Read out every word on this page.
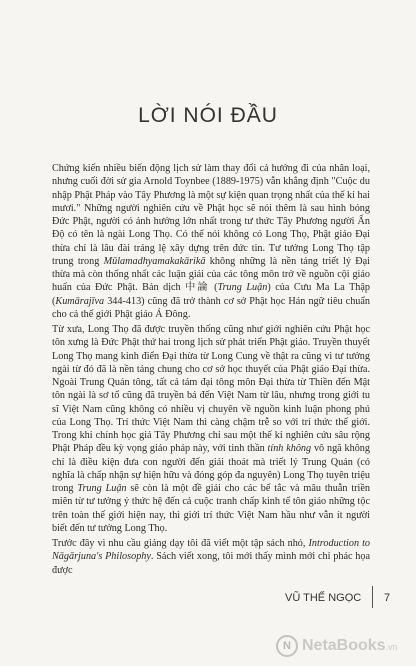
LỜI NÓI ĐẦU

Chứng kiến nhiều biến động lịch sử làm thay đổi cả hướng đi của nhân loại, nhưng cuối đời sử gia Arnold Toynbee (1889-1975) vẫn khẳng định "Cuộc du nhập Phật Pháp vào Tây Phương là một sự kiện quan trọng nhất của thế kỉ hai mươi." Những người nghiên cứu về Phật học sẽ nói thêm là sau hình bóng Đức Phật, người có ảnh hưởng lớn nhất trong tư thức Tây Phương người Ấn Độ có tên là ngài Long Thọ. Có thể nói không có Long Thọ, Phật giáo Đại thừa chỉ là lâu đài tráng lệ xây dựng trên đức tin. Tư tưởng Long Thọ tập trung trong Mūlamadhyamakakārikā không những là nền tảng triết lý Đại thừa mà còn thống nhất các luận giải của các tông môn trở về nguồn cội giáo huấn của Đức Phật. Bản dịch 中論 (Trung Luận) của Cưu Ma La Thập (Kumārajīva 344-413) cũng đã trở thành cơ sở Phật học Hán ngữ tiêu chuẩn cho cả thế giới Phật giáo Á Đông.

Từ xưa, Long Thọ đã được truyền thống cũng như giới nghiên cứu Phật học tôn xưng là Đức Phật thứ hai trong lịch sử phát triển Phật giáo. Truyền thuyết Long Thọ mang kinh điển Đại thừa từ Long Cung về thật ra cũng vì tư tưởng ngài từ đó đã là nền tảng chung cho cơ sở học thuyết của Phật giáo Đại thừa. Ngoài Trung Quán tông, tất cả tám đại tông môn Đại thừa từ Thiền đến Mật tôn ngài là sơ tổ cũng đã truyền bá đến Việt Nam từ lâu, nhưng trong giới tu sĩ Việt Nam cũng không có nhiều vị chuyên về nguồn kinh luận phong phú của Long Thọ. Trí thức Việt Nam thì càng chậm trễ so với trí thức thế giới. Trong khi chính học giả Tây Phương chỉ sau một thế kỉ nghiên cứu sâu rộng Phật Pháp đều kỳ vọng giáo pháp này, với tinh thần tính không vô ngã không chỉ là điều kiện đưa con người đến giải thoát mà triết lý Trung Quán (có nghĩa là chấp nhận sự hiện hữu và đóng góp đa nguyên) Long Thọ tuyên triệu trong Trung Luận sẽ còn là một đề giải cho các bế tắc và mâu thuẫn triền miên từ tư tưởng ý thức hệ đến cả cuộc tranh chấp kinh tế tôn giáo những tộc trên toàn thế giới hiện nay, thì giới trí thức Việt Nam hầu như vẫn ít người biết đến tư tưởng Long Thọ.

Trước đây vì nhu cầu giảng dạy tôi đã viết một tập sách nhỏ, Introduction to Nāgārjuna's Philosophy. Sách viết xong, tôi mới thấy mình mới chỉ phác họa được

VŨ THẾ NGỌC 7
N NetaBooks.vn
